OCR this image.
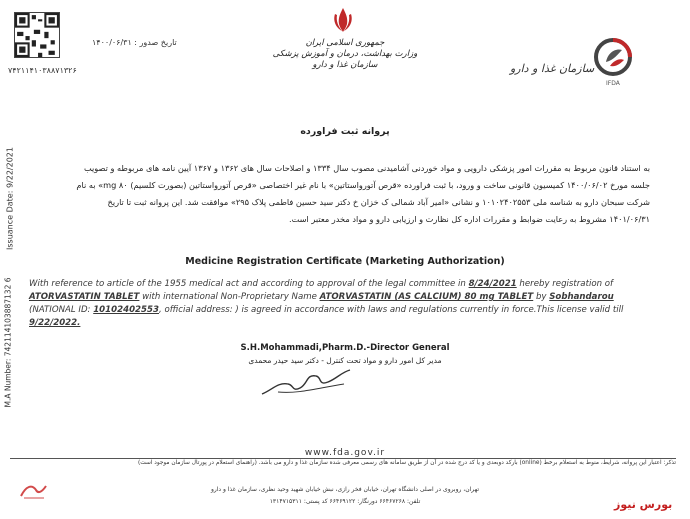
تاریخ صدور : ۱۴۰۰/۰۶/۳۱
۷۴۲۱۱۴۱۰۳۸۸۷۱۳۲۶
جمهوری اسلامی ایران
وزارت بهداشت، درمان و آموزش پزشکی
سازمان غذا و دارو
IFDA
سازمان غذا و دارو
Issuance Date: 9/22/2021
M.A Number: 742114103887132 6
پروانه ثبت فراورده
به استناد قانون مربوط به مقررات امور پزشکی دارویی و مواد خوردنی آشامیدنی مصوب سال ۱۳۳۴ و اصلاحات سال های ۱۳۶۲ و ۱۳۶۷ آیین نامه های مربوطه و تصویب
جلسه مورخ ۱۴۰۰/۰۶/۰۲ کمیسیون قانونی ساخت و ورود، با ثبت فراورده «قرص آتورواستاتین» با نام غیر اختصاصی «قرص آتورواستاتین (بصورت کلسیم) ۸۰ mg» به نام
شرکت سبحان دارو به شناسه ملی ۱۰۱۰۲۴۰۲۵۵۳ و نشانی «امیر آباد شمالی ک خزان خ دکتر سید حسین فاطمی پلاک ۲۹۵» موافقت شد. این پروانه ثبت تا تاریخ
۱۴۰۱/۰۶/۳۱ مشروط به رعایت ضوابط و مقررات اداره کل نظارت و ارزیابی دارو و مواد مخدر معتبر است.
Medicine Registration Certificate (Marketing Authorization)
With reference to article of the 1955 medical act and according to approval of the legal committee in 8/24/2021 hereby registration of ATORVASTATIN TABLET with international Non-Proprietary Name ATORVASTATIN (AS CALCIUM) 80 mg TABLET by Sobhandarou (NATIONAL ID: 10102402553, official address: ) is agreed in accordance with laws and regulations currently in force.This license valid till 9/22/2022.
S.H.Mohammadi,Pharm.D.-Director General
مدیر کل امور دارو و مواد تحت کنترل - دکتر سید حیدر محمدی
www.fda.gov.ir
تذکر: اعتبار این پروانه، شرایط، منوط به استعلام برخط (online) بارکد دوبعدی و یا کد درج شده در آن از طریق سامانه های رسمی معرفی شده سازمان غذا و دارو می باشد. (راهنمای استعلام در پورتال سازمان موجود است)
تهران، روبروی در اصلی دانشگاه تهران، خیابان فخر رازی، نبش خیابان شهید وحید نظری، سازمان غذا و دارو
تلفن: ۶۶۴۶۷۲۶۸ دورنگار: ۶۶۴۶۹۱۲۲ کد پستی: ۱۳۱۴۷۱۵۳۱۱	بورس نیوز
